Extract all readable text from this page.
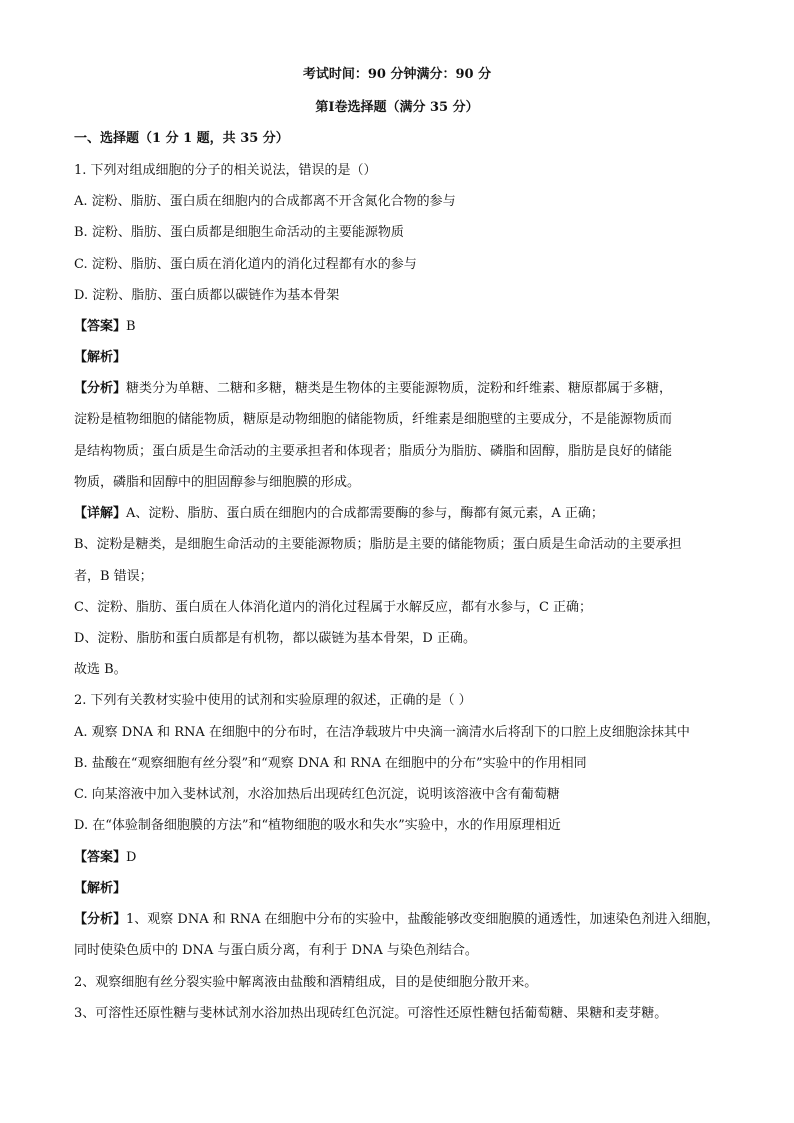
考试时间：90 分钟满分：90 分
第Ⅰ卷选择题（满分 35 分）
一、选择题（1 分 1 题，共 35 分）
1. 下列对组成细胞的分子的相关说法，错误的是（）
A. 淀粉、脂肪、蛋白质在细胞内的合成都离不开含氮化合物的参与
B. 淀粉、脂肪、蛋白质都是细胞生命活动的主要能源物质
C. 淀粉、脂肪、蛋白质在消化道内的消化过程都有水的参与
D. 淀粉、脂肪、蛋白质都以碳链作为基本骨架
【答案】B
【解析】
【分析】糖类分为单糖、二糖和多糖，糖类是生物体的主要能源物质，淀粉和纤维素、糖原都属于多糖，
淀粉是植物细胞的储能物质，糖原是动物细胞的储能物质，纤维素是细胞壁的主要成分，不是能源物质而
是结构物质；蛋白质是生命活动的主要承担者和体现者；脂质分为脂肪、磷脂和固醇，脂肪是良好的储能
物质，磷脂和固醇中的胆固醇参与细胞膜的形成。
【详解】A、淀粉、脂肪、蛋白质在细胞内的合成都需要酶的参与，酶都有氮元素，A 正确；
B、淀粉是糖类，是细胞生命活动的主要能源物质；脂肪是主要的储能物质；蛋白质是生命活动的主要承担
者，B 错误；
C、淀粉、脂肪、蛋白质在人体消化道内的消化过程属于水解反应，都有水参与，C 正确；
D、淀粉、脂肪和蛋白质都是有机物，都以碳链为基本骨架，D 正确。
故选 B。
2. 下列有关教材实验中使用的试剂和实验原理的叙述，正确的是（ ）
A. 观察 DNA 和 RNA 在细胞中的分布时，在洁净载玻片中央滴一滴清水后将刮下的口腔上皮细胞涂抹其中
B. 盐酸在“观察细胞有丝分裂”和“观察 DNA 和 RNA 在细胞中的分布”实验中的作用相同
C. 向某溶液中加入斐林试剂，水浴加热后出现砖红色沉淀，说明该溶液中含有葡萄糖
D. 在“体验制备细胞膜的方法”和“植物细胞的吸水和失水”实验中，水的作用原理相近
【答案】D
【解析】
【分析】1、观察 DNA 和 RNA 在细胞中分布的实验中，盐酸能够改变细胞膜的通透性，加速染色剂进入细胞，
同时使染色质中的 DNA 与蛋白质分离，有利于 DNA 与染色剂结合。
2、观察细胞有丝分裂实验中解离液由盐酸和酒精组成，目的是使细胞分散开来。
3、可溶性还原性糖与斐林试剂水浴加热出现砖红色沉淀。可溶性还原性糖包括葡萄糖、果糖和麦芽糖。
